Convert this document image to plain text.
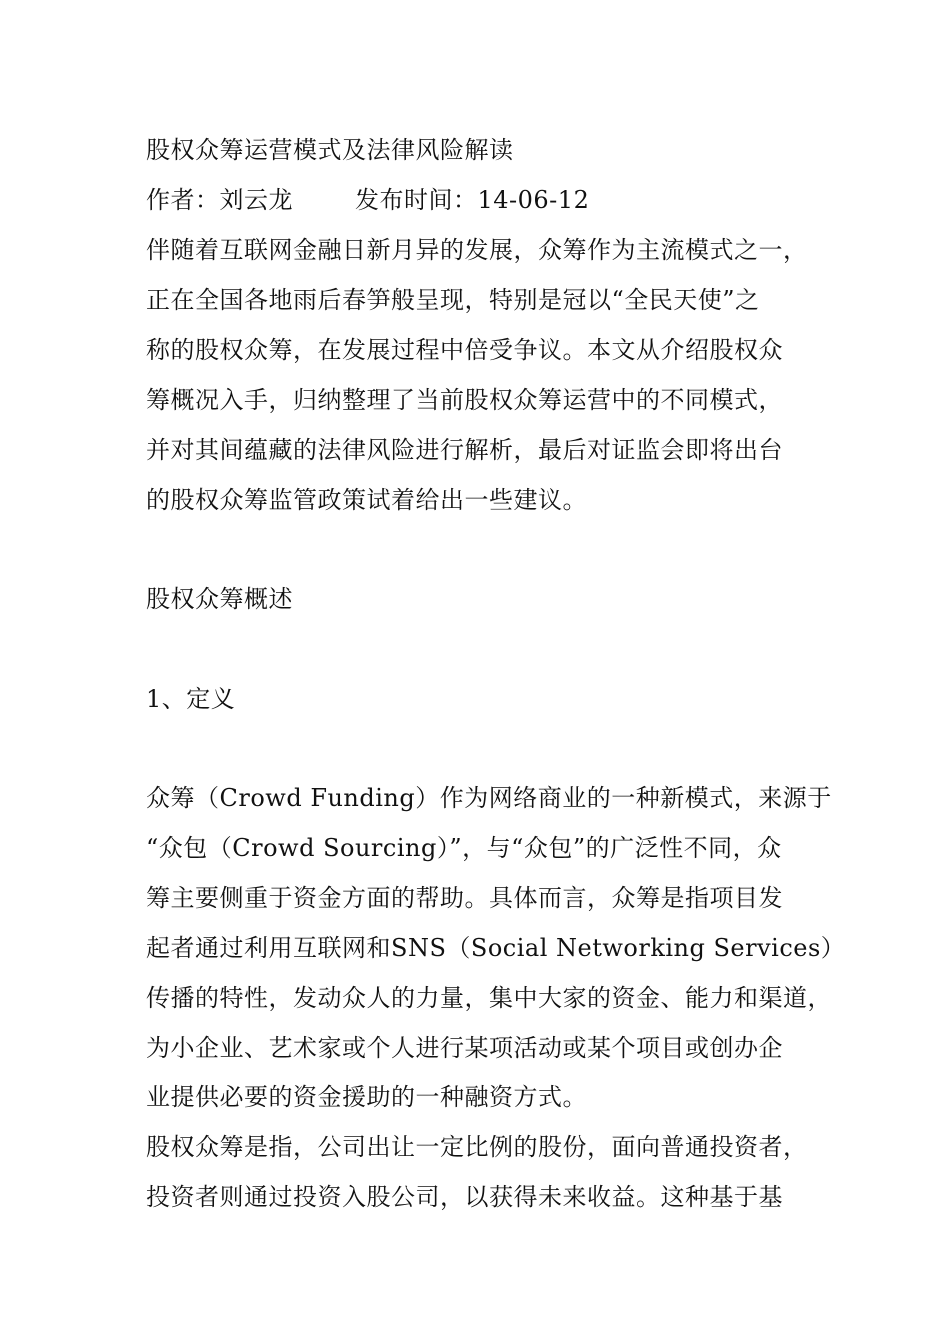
股权众筹运营模式及法律风险解读
作者：刘云龙	发布时间：14-06-12
伴随着互联网金融日新月异的发展，众筹作为主流模式之一，
正在全国各地雨后春笋般呈现，特别是冠以“全民天使”之
称的股权众筹，在发展过程中倍受争议。本文从介绍股权众
筹概况入手，归纳整理了当前股权众筹运营中的不同模式，
并对其间蕴藏的法律风险进行解析，最后对证监会即将出台
的股权众筹监管政策试着给出一些建议。
股权众筹概述
1、定义
众筹（Crowd Funding）作为网络商业的一种新模式，来源于
“众包（Crowd Sourcing）”，与“众包”的广泛性不同，众
筹主要侧重于资金方面的帮助。具体而言，众筹是指项目发
起者通过利用互联网和SNS（Social Networking Services）
传播的特性，发动众人的力量，集中大家的资金、能力和渠道，
为小企业、艺术家或个人进行某项活动或某个项目或创办企
业提供必要的资金援助的一种融资方式。
股权众筹是指，公司出让一定比例的股份，面向普通投资者，
投资者则通过投资入股公司，以获得未来收益。这种基于基
